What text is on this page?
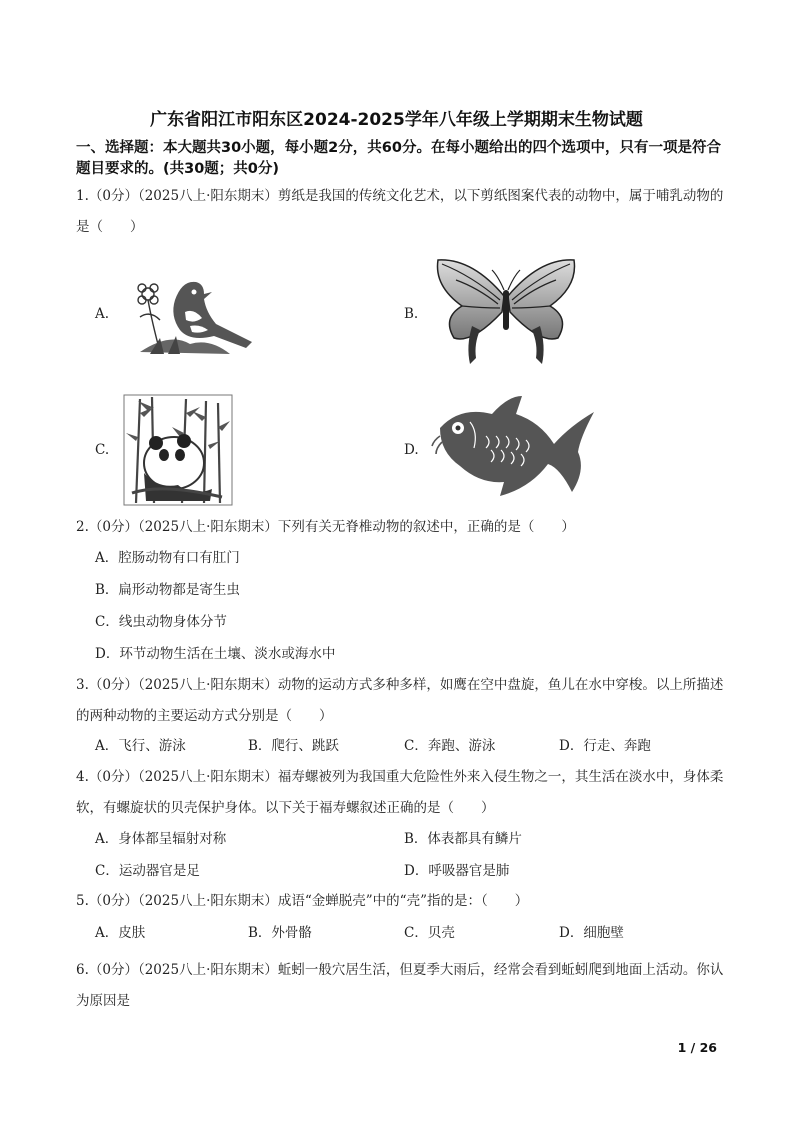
广东省阳江市阳东区2024-2025学年八年级上学期期末生物试题
一、选择题：本大题共30小题，每小题2分，共60分。在每小题给出的四个选项中，只有一项是符合题目要求的。(共30题；共0分)
1.（0分）（2025八上·阳东期末）剪纸是我国的传统文化艺术，以下剪纸图案代表的动物中，属于哺乳动物的是（　　）
A.	B.
C.	D.
2.（0分）（2025八上·阳东期末）下列有关无脊椎动物的叙述中，正确的是（　　）
A．腔肠动物有口有肛门
B．扁形动物都是寄生虫
C．线虫动物身体分节
D．环节动物生活在土壤、淡水或海水中
3.（0分）（2025八上·阳东期末）动物的运动方式多种多样，如鹰在空中盘旋，鱼儿在水中穿梭。以上所描述的两种动物的主要运动方式分别是（　　）
A．飞行、游泳	B．爬行、跳跃	C．奔跑、游泳	D．行走、奔跑
4.（0分）（2025八上·阳东期末）福寿螺被列为我国重大危险性外来入侵生物之一，其生活在淡水中，身体柔软，有螺旋状的贝壳保护身体。以下关于福寿螺叙述正确的是（　　）
A．身体都呈辐射对称	B．体表都具有鳞片
C．运动器官是足	D．呼吸器官是肺
5.（0分）（2025八上·阳东期末）成语“金蝉脱壳”中的“壳”指的是：（　　）
A．皮肤	B．外骨骼	C．贝壳	D．细胞壁
6.（0分）（2025八上·阳东期末）蚯蚓一般穴居生活，但夏季大雨后，经常会看到蚯蚓爬到地面上活动。你认为原因是
1 / 26
